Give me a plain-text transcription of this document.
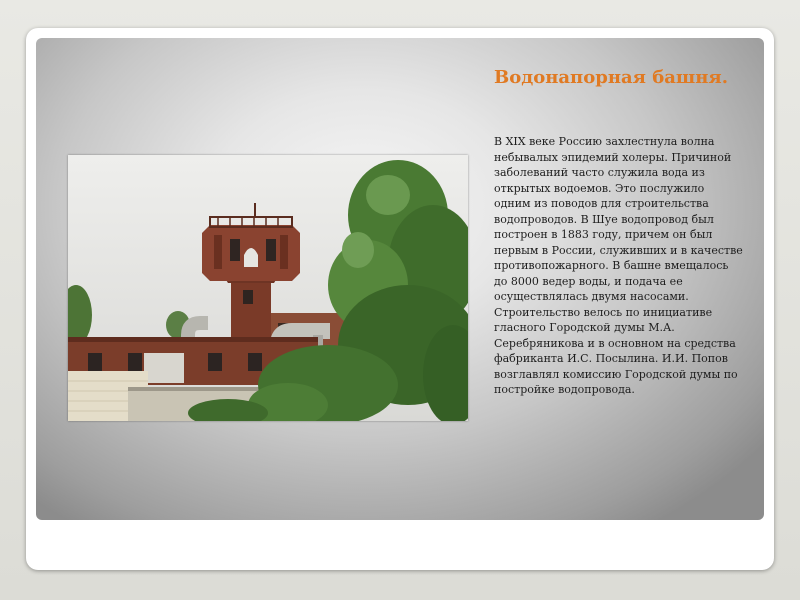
Водонапорная башня.

В XIX веке Россию захлестнула волна небывалых эпидемий холеры. Причиной заболеваний часто служила вода из открытых водоемов. Это послужило одним из поводов для строительства водопроводов. В Шуе водопровод был построен в 1883 году, причем он был первым в России, служивших и в качестве противопожарного. В башне вмещалось до 8000 ведер воды, и подача ее осуществлялась двумя насосами. Строительство велось по инициативе гласного Городской думы М.А. Серебряникова и в основном на средства фабриканта И.С. Посылина. И.И. Попов возглавлял комиссию Городской думы по постройке водопровода.
